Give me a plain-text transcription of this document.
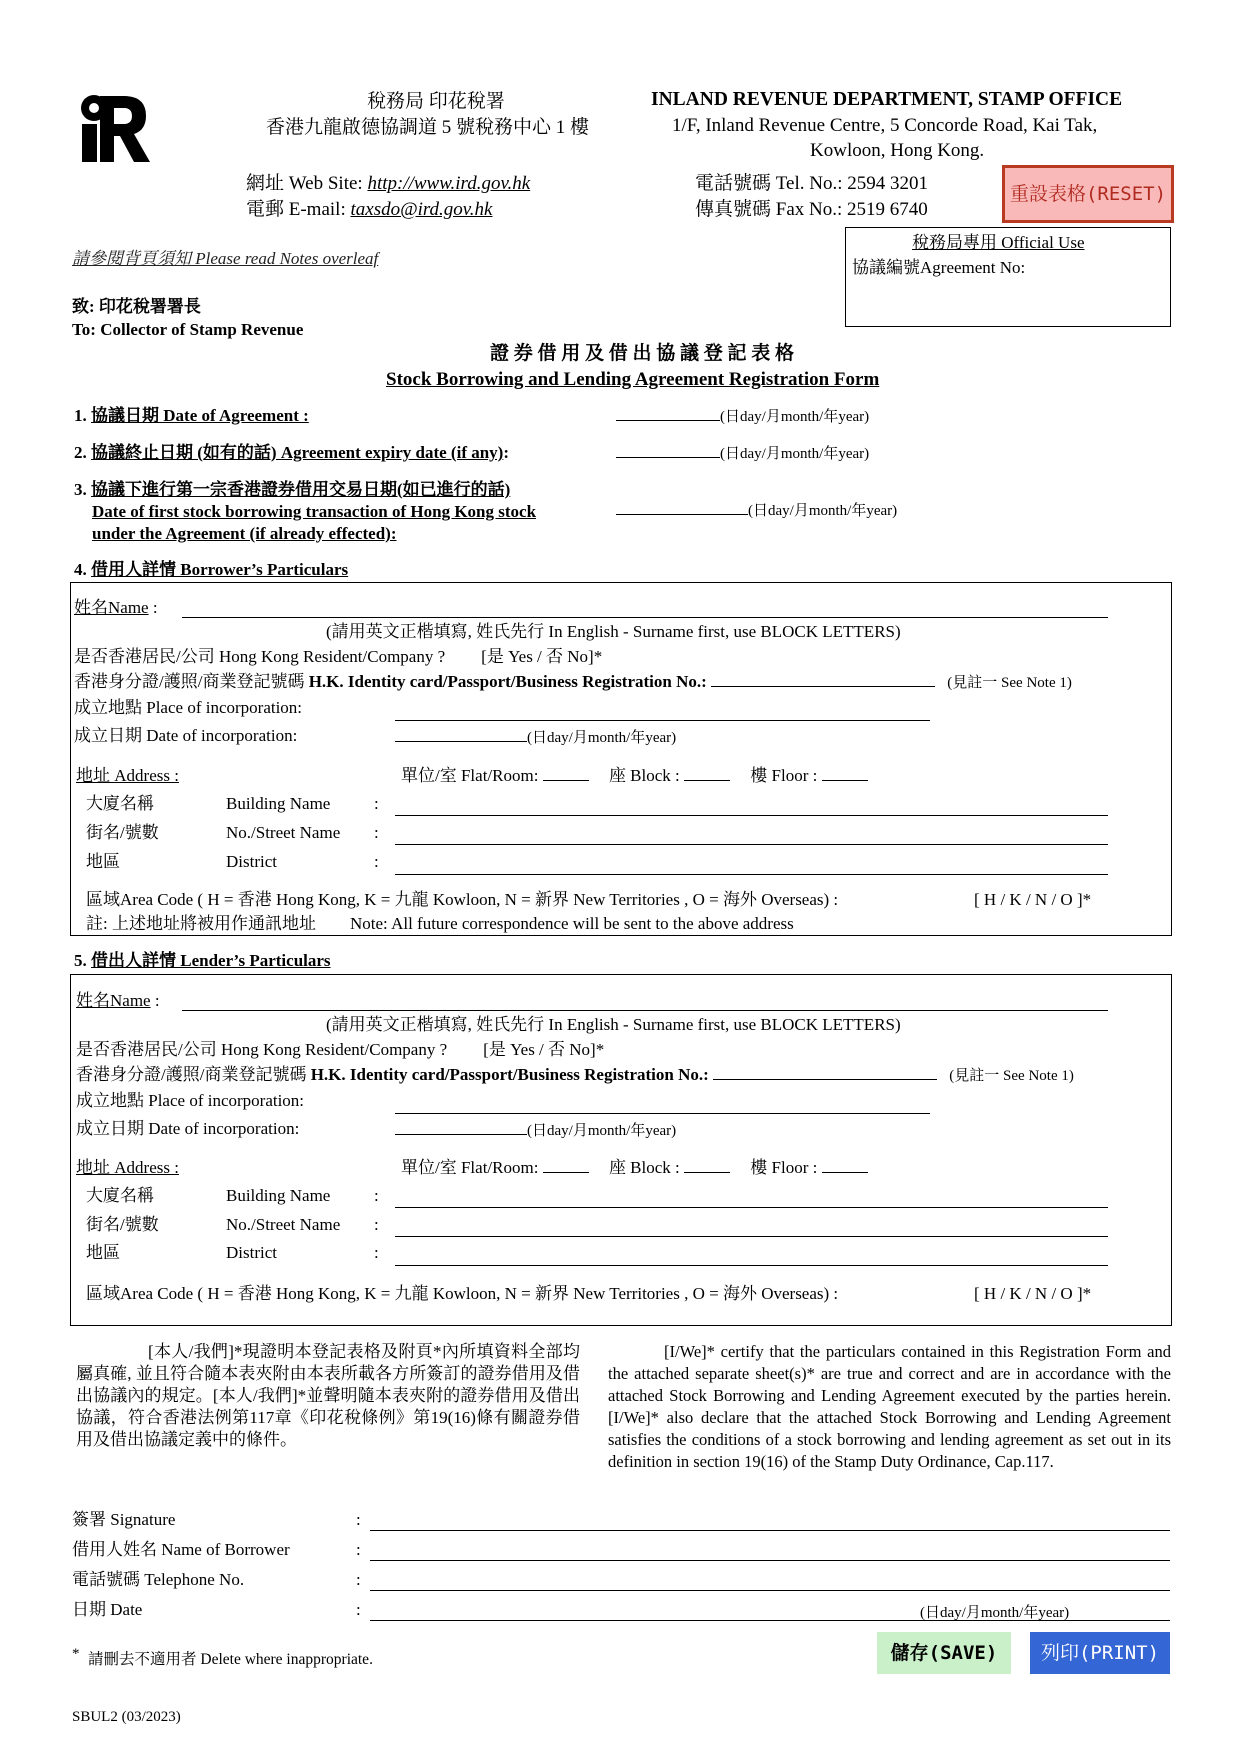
稅務局 印花稅署
香港九龍啟德協調道 5 號稅務中心 1 樓
網址 Web Site: http://www.ird.gov.hk
電郵 E-mail: taxsdo@ird.gov.hk
INLAND REVENUE DEPARTMENT, STAMP OFFICE
1/F, Inland Revenue Centre, 5 Concorde Road, Kai Tak,
Kowloon, Hong Kong.
電話號碼 Tel. No.: 2594 3201
傳真號碼 Fax No.: 2519 6740
重設表格(RESET)
稅務局專用 Official Use
協議編號Agreement No:
請參閱背頁須知 Please read Notes overleaf
致: 印花稅署署長
To: Collector of Stamp Revenue
證 券 借 用 及 借 出 協 議 登 記 表 格
Stock Borrowing and Lending Agreement Registration Form
1. 協議日期 Date of Agreement :	(日day/月month/年year)
2. 協議終止日期 (如有的話) Agreement expiry date (if any):	(日day/月month/年year)
3. 協議下進行第一宗香港證券借用交易日期(如已進行的話)
Date of first stock borrowing transaction of Hong Kong stock
under the Agreement (if already effected):
(日day/月month/年year)
4. 借用人詳情 Borrower’s Particulars
姓名Name :
(請用英文正楷填寫, 姓氏先行 In English - Surname first, use BLOCK LETTERS)
是否香港居民/公司 Hong Kong Resident/Company ? [是 Yes / 否 No]*
香港身分證/護照/商業登記號碼 H.K. Identity card/Passport/Business Registration No.:	(見註一 See Note 1)
成立地點 Place of incorporation:
成立日期 Date of incorporation:	(日day/月month/年year)
地址 Address :	單位/室 Flat/Room:	座 Block :	樓 Floor :
大廈名稱	Building Name	:
街名/號數	No./Street Name :
地區	District	:
區域Area Code ( H = 香港 Hong Kong, K = 九龍 Kowloon, N = 新界 New Territories , O = 海外 Overseas) :	[ H / K / N / O ]*
註: 上述地址將被用作通訊地址 Note: All future correspondence will be sent to the above address
5. 借出人詳情 Lender’s Particulars
姓名Name :
(請用英文正楷填寫, 姓氏先行 In English - Surname first, use BLOCK LETTERS)
是否香港居民/公司 Hong Kong Resident/Company ? [是 Yes / 否 No]*
香港身分證/護照/商業登記號碼 H.K. Identity card/Passport/Business Registration No.:	(見註一 See Note 1)
成立地點 Place of incorporation:
成立日期 Date of incorporation:	(日day/月month/年year)
地址 Address :	單位/室 Flat/Room:	座 Block :	樓 Floor :
大廈名稱	Building Name	:
街名/號數	No./Street Name :
地區	District	:
區域Area Code ( H = 香港 Hong Kong, K = 九龍 Kowloon, N = 新界 New Territories , O = 海外 Overseas) :	[ H / K / N / O ]*
[本人/我們]*現證明本登記表格及附頁*內所填資料全部均屬真確, 並且符合隨本表夾附由本表所載各方所簽訂的證券借用及借出協議內的規定。[本人/我們]*並聲明隨本表夾附的證券借用及借出協議，符合香港法例第117章《印花稅條例》第19(16)條有關證券借用及借出協議定義中的條件。
[I/We]* certify that the particulars contained in this Registration Form and the attached separate sheet(s)* are true and correct and are in accordance with the attached Stock Borrowing and Lending Agreement executed by the parties herein. [I/We]* also declare that the attached Stock Borrowing and Lending Agreement satisfies the conditions of a stock borrowing and lending agreement as set out in its definition in section 19(16) of the Stamp Duty Ordinance, Cap.117.
簽署 Signature	:
借用人姓名 Name of Borrower	:
電話號碼 Telephone No.	:
日期 Date	:	(日day/月month/年year)
* 請刪去不適用者 Delete where inappropriate.	儲存(SAVE)	列印(PRINT)
SBUL2 (03/2023)
